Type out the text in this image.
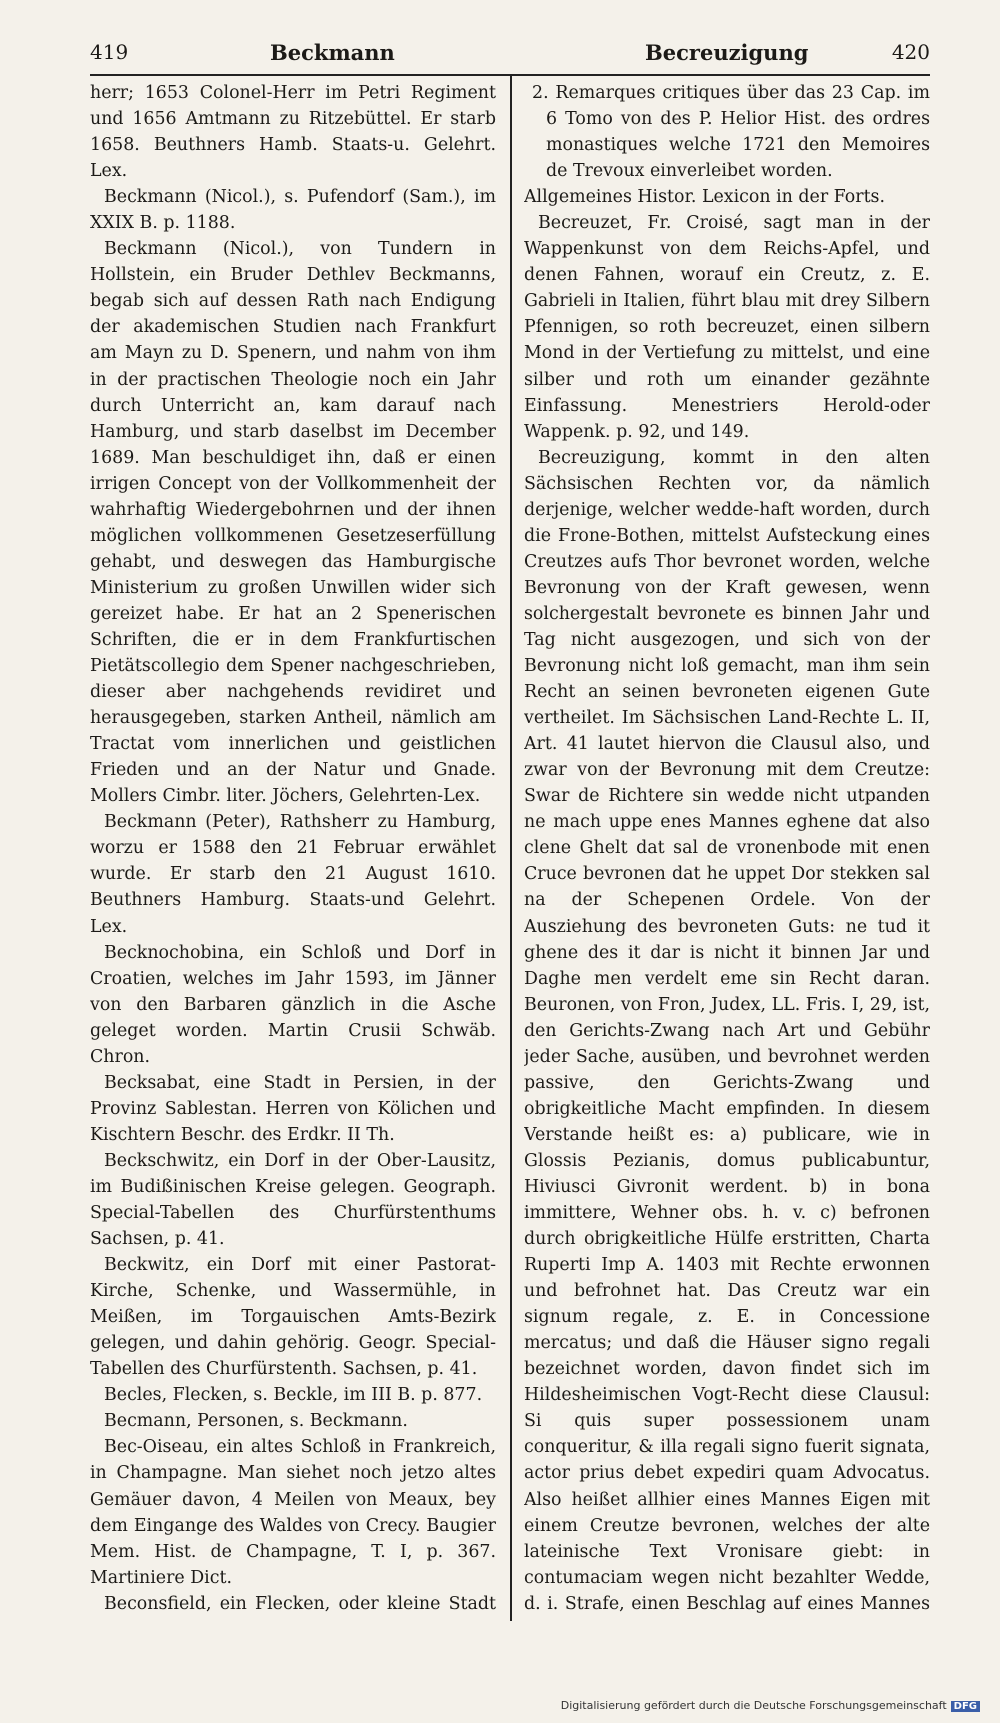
419	Beckmann	Becreuzigung	420

herr; 1653 Colonel-Herr im Petri Regiment und 1656 Amtmann zu Ritzebüttel. Er starb 1658. Beuthners Hamb. Staats-u. Gelehrt. Lex.

Beckmann (Nicol.), s. Pufendorf (Sam.), im XXIX B. p. 1188.

Beckmann (Nicol.), von Tundern in Hollstein, ein Bruder Dethlev Beckmanns, begab sich auf dessen Rath nach Endigung der akademischen Studien nach Frankfurt am Mayn zu D. Spenern, und nahm von ihm in der practischen Theologie noch ein Jahr durch Unterricht an, kam darauf nach Hamburg, und starb daselbst im December 1689. Man beschuldiget ihn, daß er einen irrigen Concept von der Vollkommenheit der wahrhaftig Wiedergebohrnen und der ihnen möglichen vollkommenen Gesetzeserfüllung gehabt, und deswegen das Hamburgische Ministerium zu großen Unwillen wider sich gereizet habe. Er hat an 2 Spenerischen Schriften, die er in dem Frankfurtischen Pietätscollegio dem Spener nachgeschrieben, dieser aber nachgehends revidiret und herausgegeben, starken Antheil, nämlich am Tractat vom innerlichen und geistlichen Frieden und an der Natur und Gnade. Mollers Cimbr. liter. Jöchers, Gelehrten-Lex.

Beckmann (Peter), Rathsherr zu Hamburg, worzu er 1588 den 21 Februar erwählet wurde. Er starb den 21 August 1610. Beuthners Hamburg. Staats-und Gelehrt. Lex.

Becknochobina, ein Schloß und Dorf in Croatien, welches im Jahr 1593, im Jänner von den Barbaren gänzlich in die Asche geleget worden. Martin Crusii Schwäb. Chron.

Becksabat, eine Stadt in Persien, in der Provinz Sablestan. Herren von Kölichen und Kischtern Beschr. des Erdkr. II Th.

Beckschwitz, ein Dorf in der Ober-Lausitz, im Budißinischen Kreise gelegen. Geograph. Special-Tabellen des Churfürstenthums Sachsen, p. 41.

Beckwitz, ein Dorf mit einer Pastorat-Kirche, Schenke, und Wassermühle, in Meißen, im Torgauischen Amts-Bezirk gelegen, und dahin gehörig. Geogr. Special-Tabellen des Churfürstenth. Sachsen, p. 41.

Becles, Flecken, s. Beckle, im III B. p. 877.

Becmann, Personen, s. Beckmann.

Bec-Oiseau, ein altes Schloß in Frankreich, in Champagne. Man siehet noch jetzo altes Gemäuer davon, 4 Meilen von Meaux, bey dem Eingange des Waldes von Crecy. Baugier Mem. Hist. de Champagne, T. I, p. 367. Martiniere Dict.

Beconsfield, ein Flecken, oder kleine Stadt

2. Remarques critiques über das 23 Cap. im 6 Tomo von des P. Helior Hist. des ordres monastiques welche 1721 den Memoires de Trevoux einverleibet worden.

Allgemeines Histor. Lexicon in der Forts.

Becreuzet, Fr. Croisé, sagt man in der Wappenkunst von dem Reichs-Apfel, und denen Fahnen, worauf ein Creutz, z. E. Gabrieli in Italien, führt blau mit drey Silbern Pfennigen, so roth becreuzet, einen silbern Mond in der Vertiefung zu mittelst, und eine silber und roth um einander gezähnte Einfassung. Menestriers Herold-oder Wappenk. p. 92, und 149.

Becreuzigung, kommt in den alten Sächsischen Rechten vor, da nämlich derjenige, welcher wedde-haft worden, durch die Frone-Bothen, mittelst Aufsteckung eines Creutzes aufs Thor bevronet worden, welche Bevronung von der Kraft gewesen, wenn solchergestalt bevronete es binnen Jahr und Tag nicht ausgezogen, und sich von der Bevronung nicht loß gemacht, man ihm sein Recht an seinen bevroneten eigenen Gute vertheilet. Im Sächsischen Land-Rechte L. II, Art. 41 lautet hiervon die Clausul also, und zwar von der Bevronung mit dem Creutze: Swar de Richtere sin wedde nicht utpanden ne mach uppe enes Mannes eghene dat also clene Ghelt dat sal de vronenbode mit enen Cruce bevronen dat he uppet Dor stekken sal na der Schepenen Ordele. Von der Ausziehung des bevroneten Guts: ne tud it ghene des it dar is nicht it binnen Jar und Daghe men verdelt eme sin Recht daran. Beuronen, von Fron, Judex, LL. Fris. I, 29, ist, den Gerichts-Zwang nach Art und Gebühr jeder Sache, ausüben, und bevrohnet werden passive, den Gerichts-Zwang und obrigkeitliche Macht empfinden. In diesem Verstande heißt es: a) publicare, wie in Glossis Pezianis, domus publicabuntur, Hiviusci Givronit werdent. b) in bona immittere, Wehner obs. h. v. c) befronen durch obrigkeitliche Hülfe erstritten, Charta Ruperti Imp A. 1403 mit Rechte erwonnen und befrohnet hat. Das Creutz war ein signum regale, z. E. in Concessione mercatus; und daß die Häuser signo regali bezeichnet worden, davon findet sich im Hildesheimischen Vogt-Recht diese Clausul: Si quis super possessionem unam conqueritur, & illa regali signo fuerit signata, actor prius debet expediri quam Advocatus. Also heißet allhier eines Mannes Eigen mit einem Creutze bevronen, welches der alte lateinische Text Vronisare giebt: in contumaciam wegen nicht bezahlter Wedde, d. i. Strafe, einen Beschlag auf eines Mannes

Digitalisierung gefördert durch die Deutsche Forschungsgemeinschaft DFG
